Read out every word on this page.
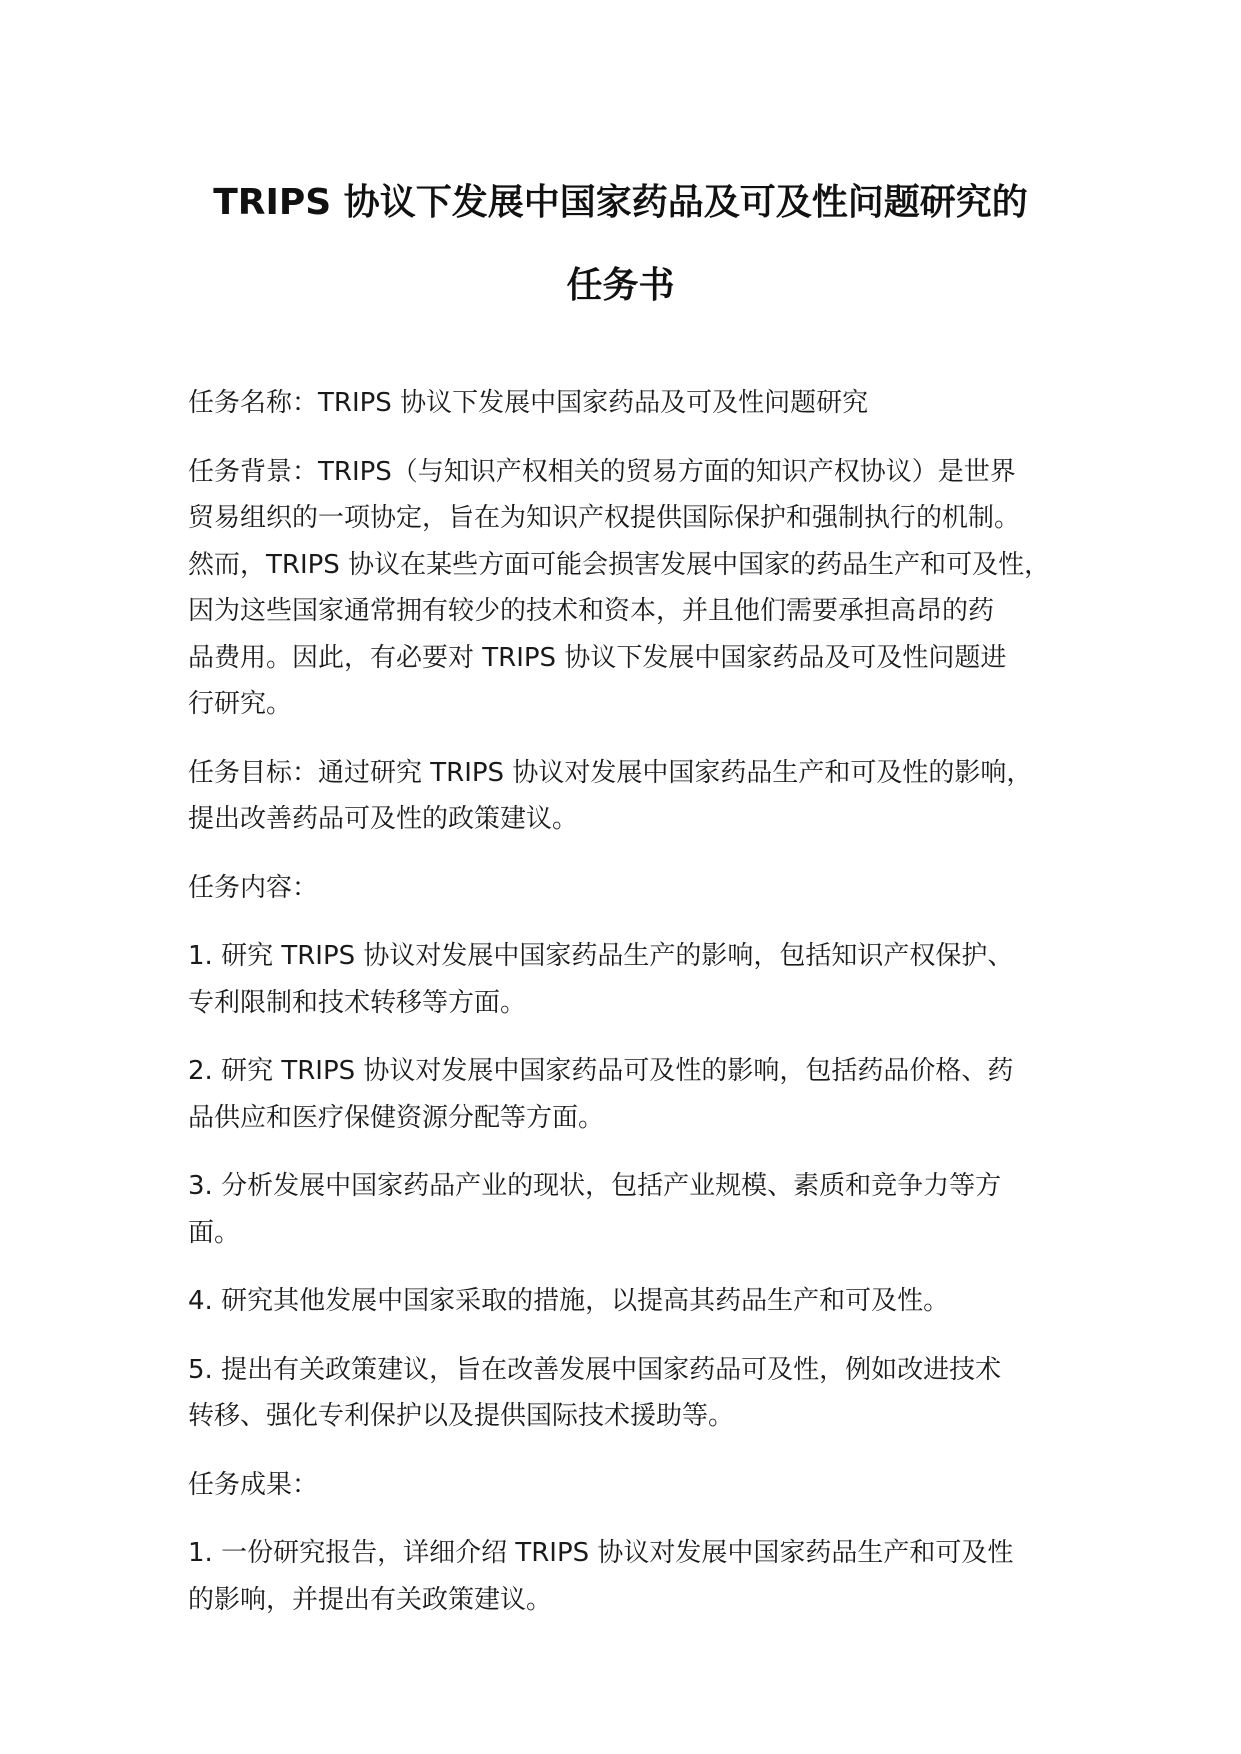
TRIPS 协议下发展中国家药品及可及性问题研究的
任务书

任务名称：TRIPS 协议下发展中国家药品及可及性问题研究

任务背景：TRIPS（与知识产权相关的贸易方面的知识产权协议）是世界
贸易组织的一项协定，旨在为知识产权提供国际保护和强制执行的机制。
然而，TRIPS 协议在某些方面可能会损害发展中国家的药品生产和可及性，
因为这些国家通常拥有较少的技术和资本，并且他们需要承担高昂的药
品费用。因此，有必要对 TRIPS 协议下发展中国家药品及可及性问题进
行研究。

任务目标：通过研究 TRIPS 协议对发展中国家药品生产和可及性的影响，
提出改善药品可及性的政策建议。

任务内容：

1. 研究 TRIPS 协议对发展中国家药品生产的影响，包括知识产权保护、
专利限制和技术转移等方面。

2. 研究 TRIPS 协议对发展中国家药品可及性的影响，包括药品价格、药
品供应和医疗保健资源分配等方面。

3. 分析发展中国家药品产业的现状，包括产业规模、素质和竞争力等方
面。

4. 研究其他发展中国家采取的措施，以提高其药品生产和可及性。

5. 提出有关政策建议，旨在改善发展中国家药品可及性，例如改进技术
转移、强化专利保护以及提供国际技术援助等。

任务成果：

1. 一份研究报告，详细介绍 TRIPS 协议对发展中国家药品生产和可及性
的影响，并提出有关政策建议。
